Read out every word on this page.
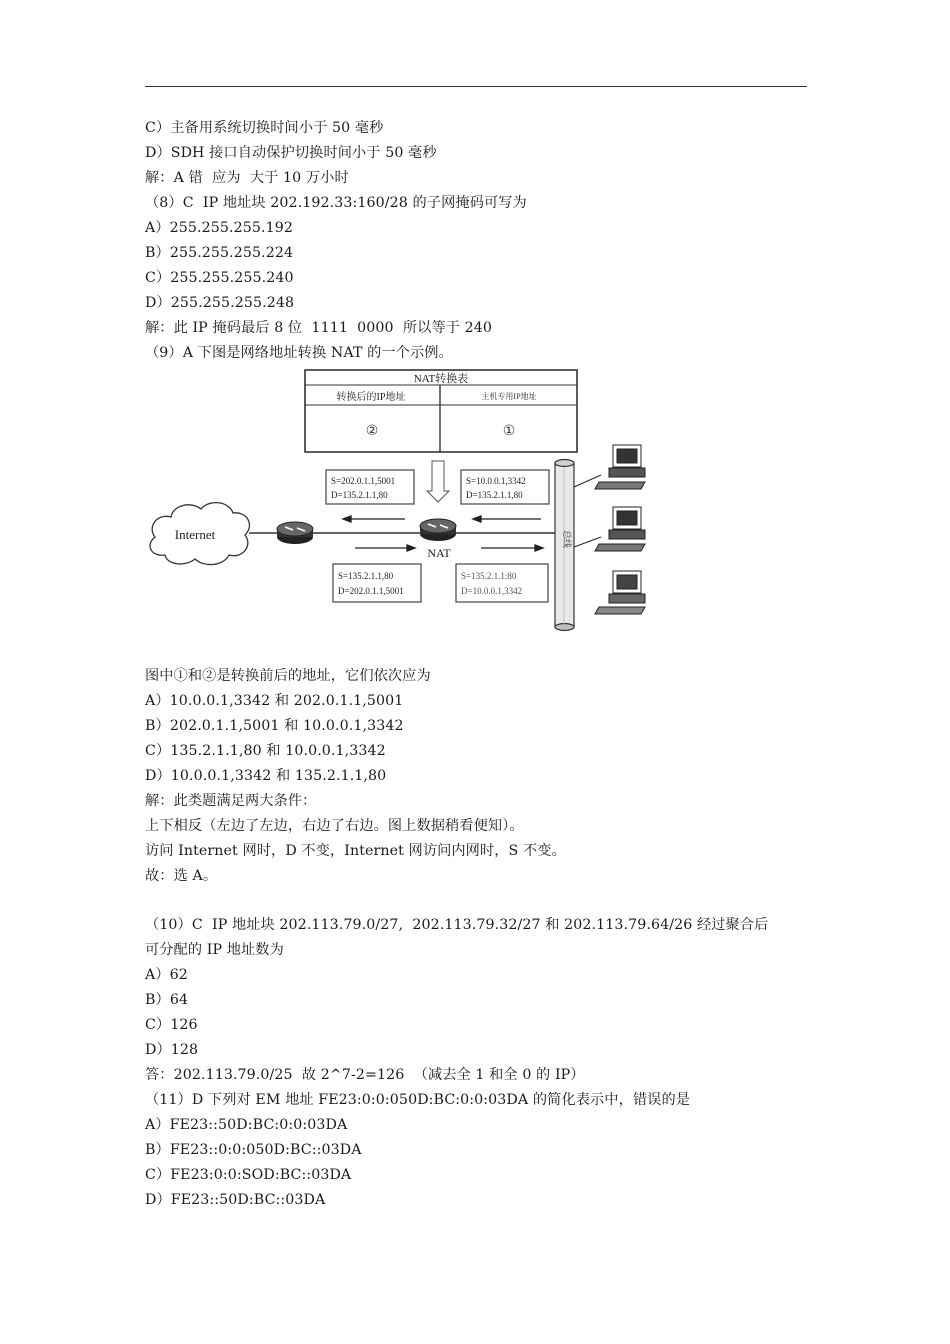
C）主备用系统切换时间小于 50 毫秒
D）SDH 接口自动保护切换时间小于 50 毫秒
解：A 错  应为  大于 10 万小时
（8）C  IP 地址块 202.192.33:160/28 的子网掩码可写为
A）255.255.255.192
B）255.255.255.224
C）255.255.255.240
D）255.255.255.248
解：此 IP 掩码最后 8 位  1111  0000  所以等于 240
（9）A 下图是网络地址转换 NAT 的一个示例。
NAT转换表
转换后的IP地址	主机专用IP地址
②	①
Internet
NAT
S=202.0.1.1,5001
D=135.2.1.1,80
S=10.0.0.1,3342
D=135.2.1.1,80
S=135.2.1.1,80
D=202.0.1.1,5001
S=135.2.1.1:80
D=10.0.0.1,3342
总线
图中①和②是转换前后的地址，它们依次应为
A）10.0.0.1,3342 和 202.0.1.1,5001
B）202.0.1.1,5001 和 10.0.0.1,3342
C）135.2.1.1,80 和 10.0.0.1,3342
D）10.0.0.1,3342 和 135.2.1.1,80
解：此类题满足两大条件：
上下相反（左边了左边，右边了右边。图上数据稍看便知）。
访问 Internet 网时，D 不变，Internet 网访问内网时，S 不变。
故：选 A。
（10）C  IP 地址块 202.113.79.0/27,  202.113.79.32/27 和 202.113.79.64/26 经过聚合后
可分配的 IP 地址数为
A）62
B）64
C）126
D）128
答：202.113.79.0/25  故 2^7-2=126  （减去全 1 和全 0 的 IP）
（11）D 下列对 EM 地址 FE23:0:0:050D:BC:0:0:03DA 的简化表示中，错误的是
A）FE23::50D:BC:0:0:03DA
B）FE23::0:0:050D:BC::03DA
C）FE23:0:0:SOD:BC::03DA
D）FE23::50D:BC::03DA
